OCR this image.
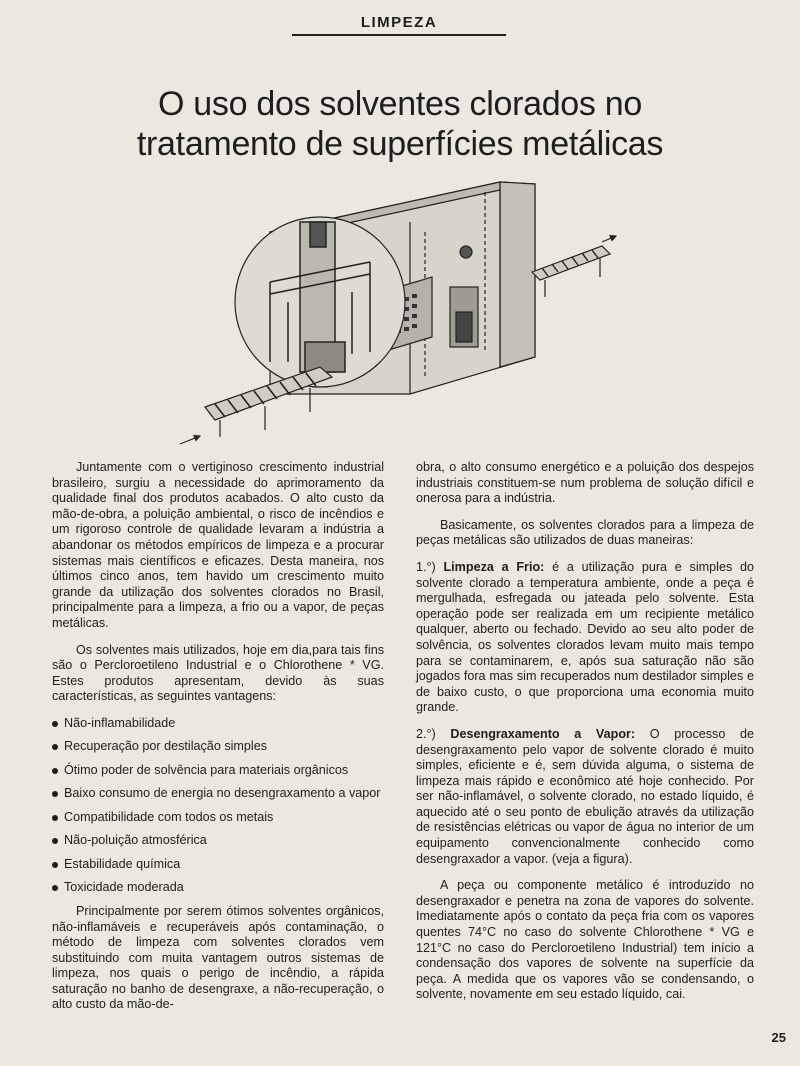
LIMPEZA
O uso dos solventes clorados no
tratamento de superfícies metálicas

Juntamente com o vertiginoso crescimento industrial brasileiro, surgiu a necessidade do aprimoramento da qualidade final dos produtos acabados. O alto custo da mão-de-obra, a poluição ambiental, o risco de incêndios e um rigoroso controle de qualidade levaram a indústria a abandonar os métodos empíricos de limpeza e a procurar sistemas mais científicos e eficazes. Desta maneira, nos últimos cinco anos, tem havido um crescimento muito grande da utilização dos solventes clorados no Brasil, principalmente para a limpeza, a frio ou a vapor, de peças metálicas.

Os solventes mais utilizados, hoje em dia,para tais fins são o Percloroetileno Industrial e o Chlorothene * VG. Estes produtos apresentam, devido às suas características, as seguintes vantagens:

Não-inflamabilidade
Recuperação por destilação simples
Ótimo poder de solvência para materiais orgânicos
Baixo consumo de energia no desengraxamento a vapor
Compatibilidade com todos os metais
Não-poluição atmosférica
Estabilidade química
Toxicidade moderada

Principalmente por serem ótimos solventes orgânicos, não-inflamáveis e recuperáveis após contaminação, o método de limpeza com solventes clorados vem substituindo com muita vantagem outros sistemas de limpeza, nos quais o perigo de incêndio, a rápida saturação no banho de desengraxe, a não-recuperação, o alto custo da mão-de-

obra, o alto consumo energético e a poluição dos despejos industriais constituem-se num problema de solução difícil e onerosa para a indústria.

Basicamente, os solventes clorados para a limpeza de peças metálicas são utilizados de duas maneiras:

1.°) Limpeza a Frio: é a utilização pura e simples do solvente clorado a temperatura ambiente, onde a peça é mergulhada, esfregada ou jateada pelo solvente. Esta operação pode ser realizada em um recipiente metálico qualquer, aberto ou fechado. Devido ao seu alto poder de solvência, os solventes clorados levam muito mais tempo para se contaminarem, e, após sua saturação não são jogados fora mas sim recuperados num destilador simples e de baixo custo, o que proporciona uma economia muito grande.

2.°) Desengraxamento a Vapor: O processo de desengraxamento pelo vapor de solvente clorado é muito simples, eficiente e é, sem dúvida alguma, o sistema de limpeza mais rápido e econômico até hoje conhecido. Por ser não-inflamável, o solvente clorado, no estado líquido, é aquecido até o seu ponto de ebulição através da utilização de resistências elétricas ou vapor de água no interior de um equipamento convencionalmente conhecido como desengraxador a vapor. (veja a figura).

A peça ou componente metálico é introduzido no desengraxador e penetra na zona de vapores do solvente. Imediatamente após o contato da peça fria com os vapores quentes 74°C no caso do solvente Chlorothene * VG e 121°C no caso do Percloroetileno Industrial) tem início a condensação dos vapores de solvente na superfície da peça. A medida que os vapores vão se condensando, o solvente, novamente em seu estado líquido, cai.

25
